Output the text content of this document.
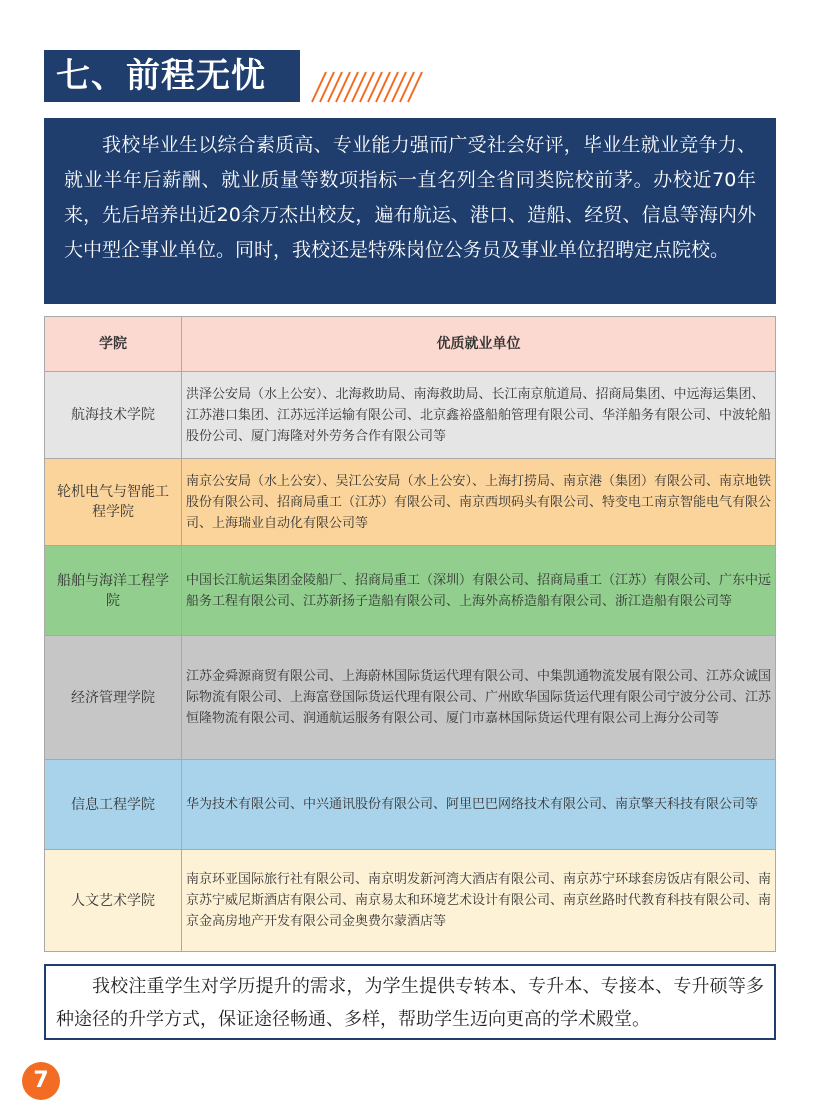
七、前程无忧
我校毕业生以综合素质高、专业能力强而广受社会好评，毕业生就业竞争力、就业半年后薪酬、就业质量等数项指标一直名列全省同类院校前茅。办校近70年来，先后培养出近20余万杰出校友，遍布航运、港口、造船、经贸、信息等海内外大中型企事业单位。同时，我校还是特殊岗位公务员及事业单位招聘定点院校。
学院	优质就业单位
航海技术学院
洪泽公安局（水上公安）、北海救助局、南海救助局、长江南京航道局、招商局集团、中远海运集团、江苏港口集团、江苏远洋运输有限公司、北京鑫裕盛船舶管理有限公司、华洋船务有限公司、中波轮船股份公司、厦门海隆对外劳务合作有限公司等
轮机电气与智能工程学院
南京公安局（水上公安）、吴江公安局（水上公安）、上海打捞局、南京港（集团）有限公司、南京地铁股份有限公司、招商局重工（江苏）有限公司、南京西坝码头有限公司、特变电工南京智能电气有限公司、上海瑞业自动化有限公司等
船舶与海洋工程学院
中国长江航运集团金陵船厂、招商局重工（深圳）有限公司、招商局重工（江苏）有限公司、广东中远船务工程有限公司、江苏新扬子造船有限公司、上海外高桥造船有限公司、浙江造船有限公司等
经济管理学院
江苏金舜源商贸有限公司、上海蔚林国际货运代理有限公司、中集凯通物流发展有限公司、江苏众诚国际物流有限公司、上海富登国际货运代理有限公司、广州欧华国际货运代理有限公司宁波分公司、江苏恒隆物流有限公司、润通航运服务有限公司、厦门市嘉林国际货运代理有限公司上海分公司等
信息工程学院	华为技术有限公司、中兴通讯股份有限公司、阿里巴巴网络技术有限公司、南京擎天科技有限公司等
人文艺术学院
南京环亚国际旅行社有限公司、南京明发新河湾大酒店有限公司、南京苏宁环球套房饭店有限公司、南京苏宁威尼斯酒店有限公司、南京易太和环境艺术设计有限公司、南京丝路时代教育科技有限公司、南京金高房地产开发有限公司金奥费尔蒙酒店等
我校注重学生对学历提升的需求，为学生提供专转本、专升本、专接本、专升硕等多种途径的升学方式，保证途径畅通、多样，帮助学生迈向更高的学术殿堂。
7
